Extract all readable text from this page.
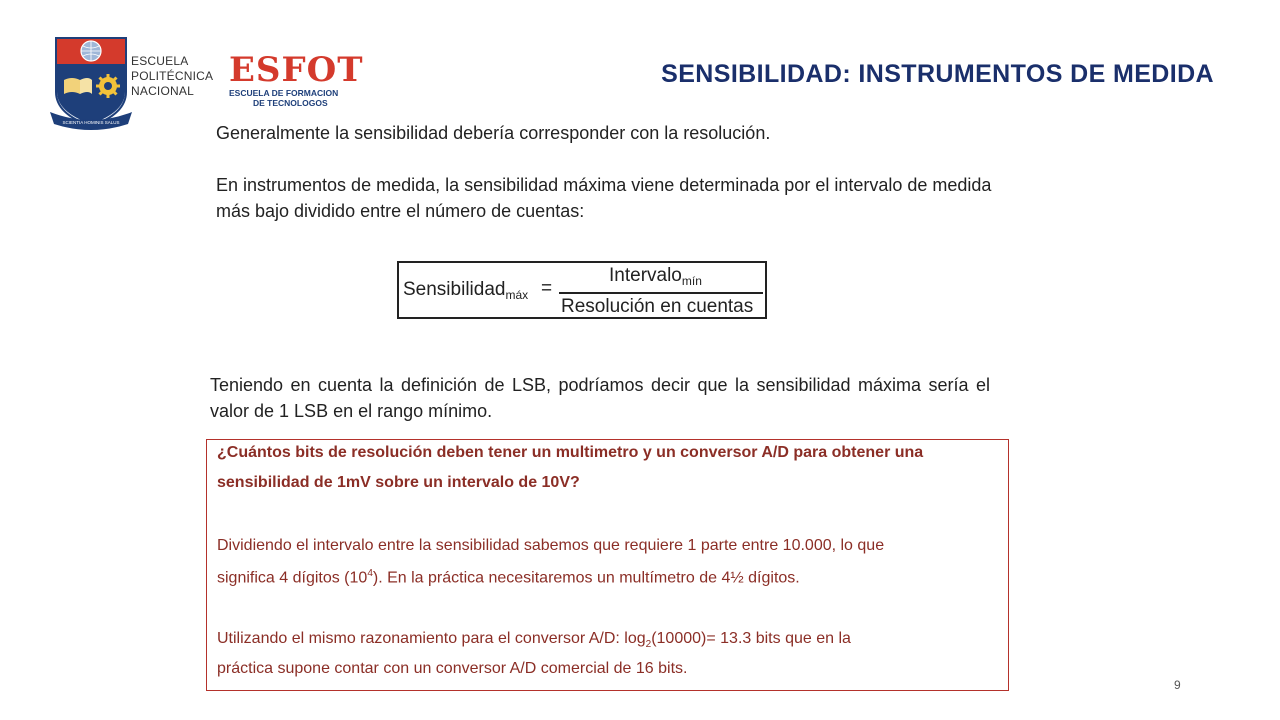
SCIENTIA HOMINIS SALUS
ESCUELA
POLITÉCNICA
NACIONAL
ESFOT
ESCUELA DE FORMACION
DE TECNOLOGOS
SENSIBILIDAD: INSTRUMENTOS DE MEDIDA
Generalmente la sensibilidad debería corresponder con la resolución.
En instrumentos de medida, la sensibilidad máxima viene determinada por el intervalo de medida más bajo dividido entre el número de cuentas:
Sensibilidad$_{máx}$ =
Intervalo$_{mín}$
Resolución en cuentas
Teniendo en cuenta la definición de LSB, podríamos decir que la sensibilidad máxima sería el valor de 1 LSB en el rango mínimo.
¿Cuántos bits de resolución deben tener un multimetro y un conversor A/D para obtener una
sensibilidad de 1mV sobre un intervalo de 10V?
Dividiendo el intervalo entre la sensibilidad sabemos que requiere 1 parte entre 10.000, lo que
significa 4 dígitos $(10^4)$. En la práctica necesitaremos un multímetro de 4½ dígitos.
Utilizando el mismo razonamiento para el conversor A/D: $\log_2(10000)= 13.3$ bits que en la
práctica supone contar con un conversor A/D comercial de 16 bits.
9
